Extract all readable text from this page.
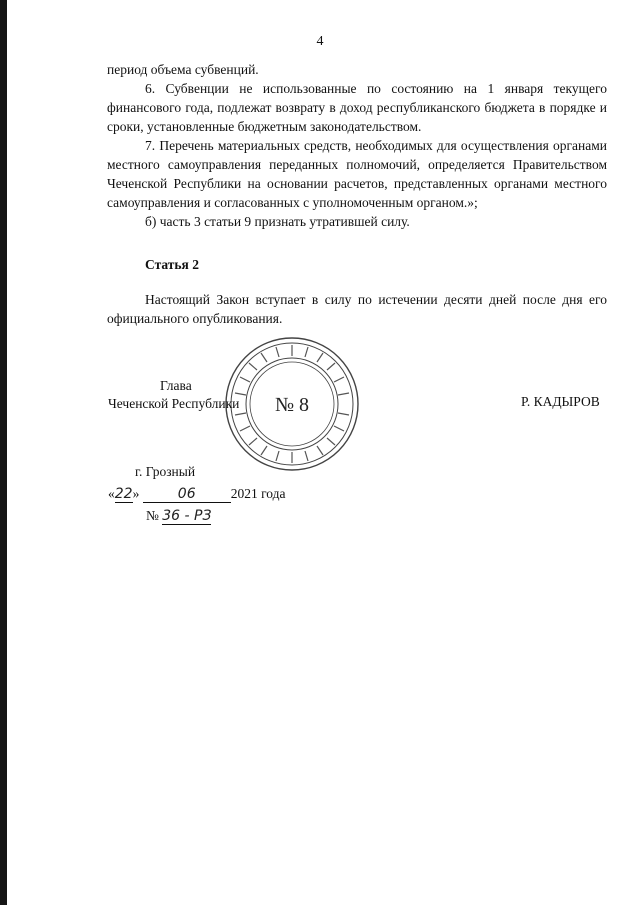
4

период объема субвенций.

6. Субвенции не использованные по состоянию на 1 января текущего финансового года, подлежат возврату в доход республиканского бюджета в порядке и сроки, установленные бюджетным законодательством.

7. Перечень материальных средств, необходимых для осуществления органами местного самоуправления переданных полномочий, определяется Правительством Чеченской Республики на основании расчетов, представленных органами местного самоуправления и согласованных с уполномоченным органом.»;

б) часть 3 статьи 9 признать утратившей силу.

Статья 2
Настоящий Закон вступает в силу по истечении десяти дней после дня его официального опубликования.
№ 8
Глава
Чеченской Республики	Р. КАДЫРОВ
г. Грозный
«22»	06	2021 года
№ 36 - РЗ
